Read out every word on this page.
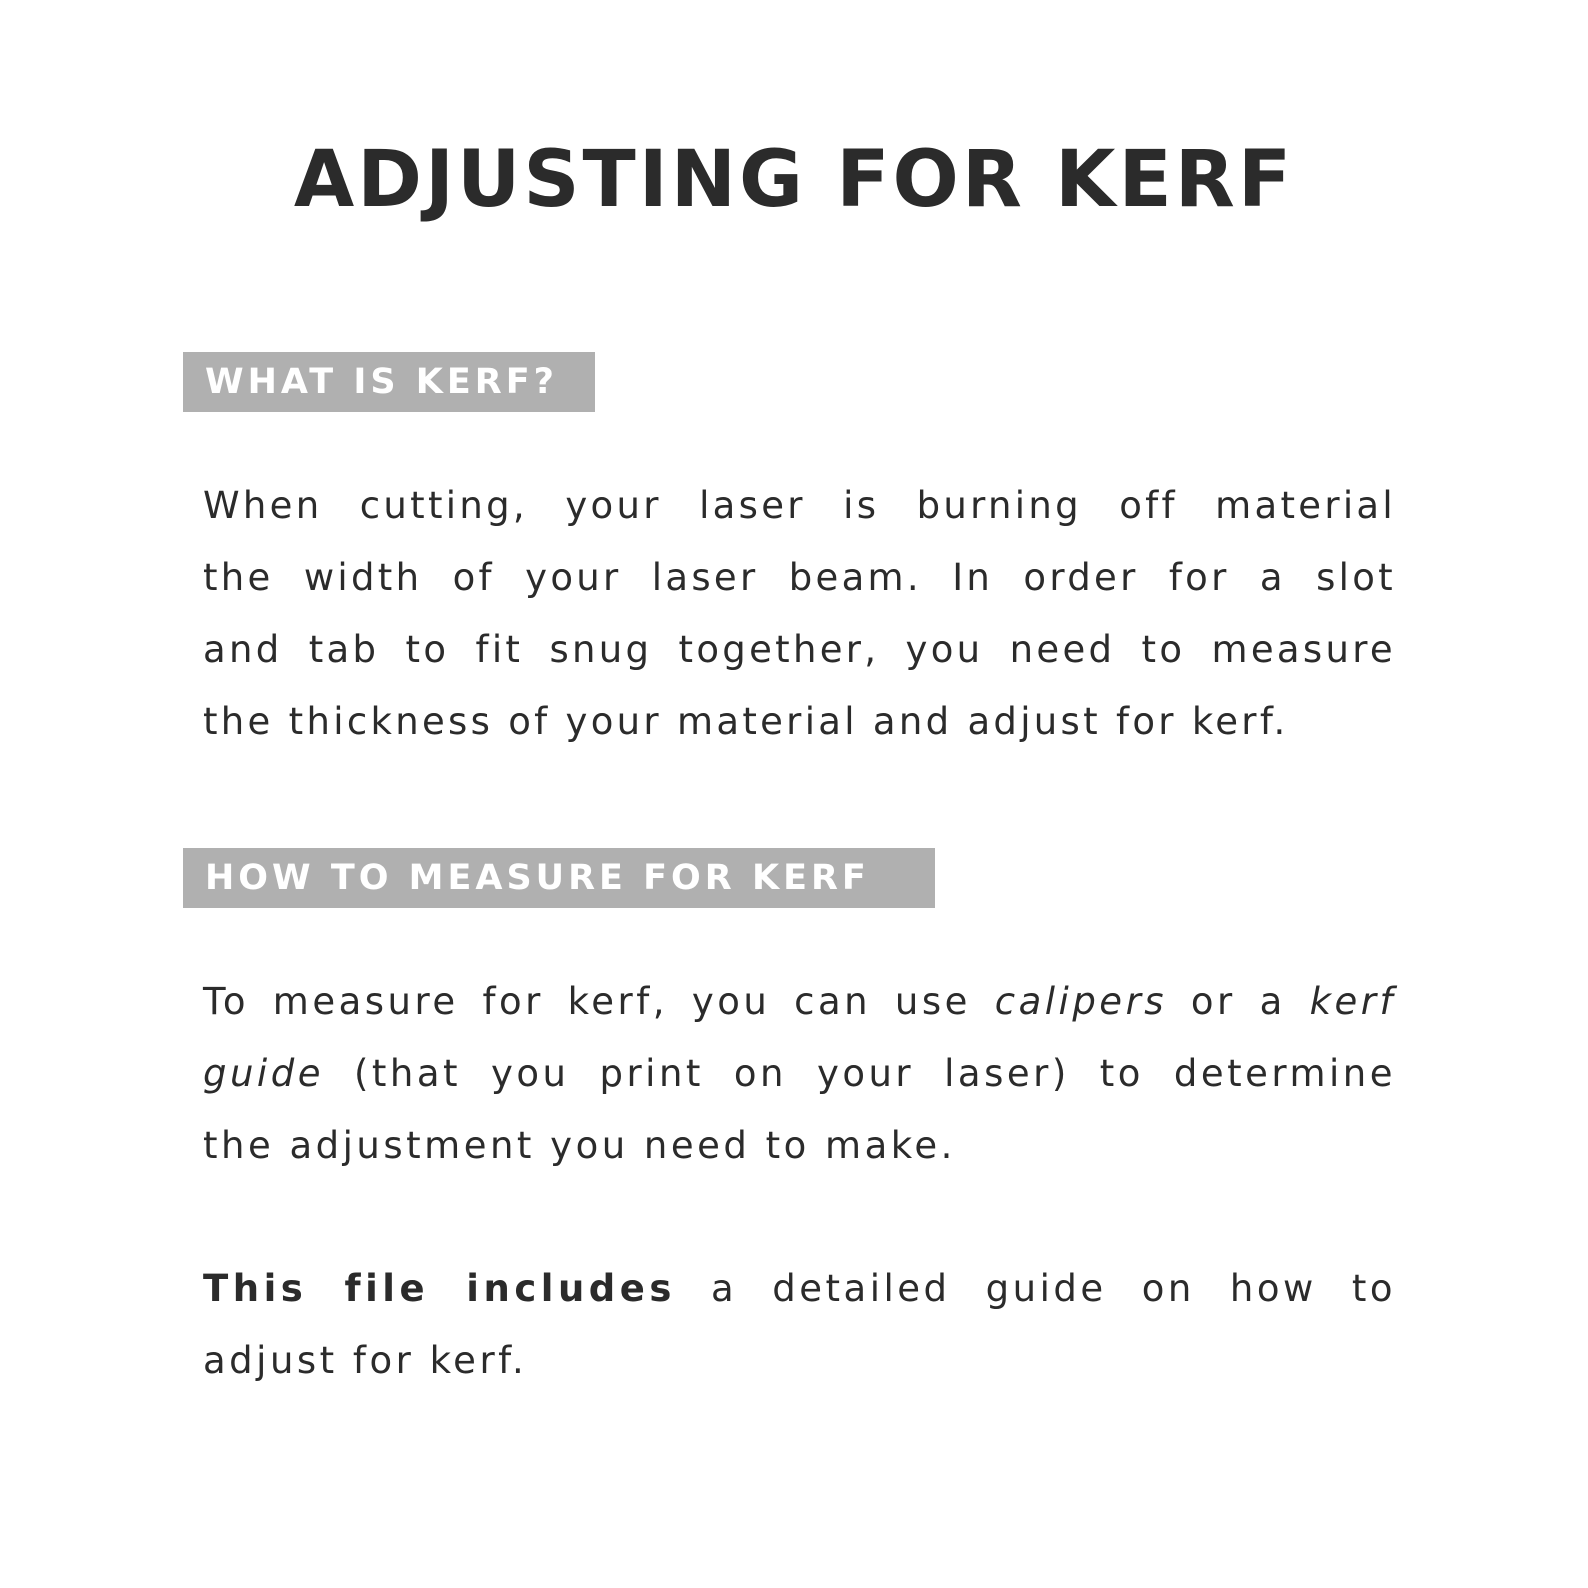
ADJUSTING FOR KERF
WHAT IS KERF?
When cutting, your laser is burning off material
the width of your laser beam. In order for a slot
and tab to fit snug together, you need to measure
the thickness of your material and adjust for kerf.
HOW TO MEASURE FOR KERF
To measure for kerf, you can use calipers or a kerf
guide (that you print on your laser) to determine
the adjustment you need to make.
This file includes a detailed guide on how to
adjust for kerf.
